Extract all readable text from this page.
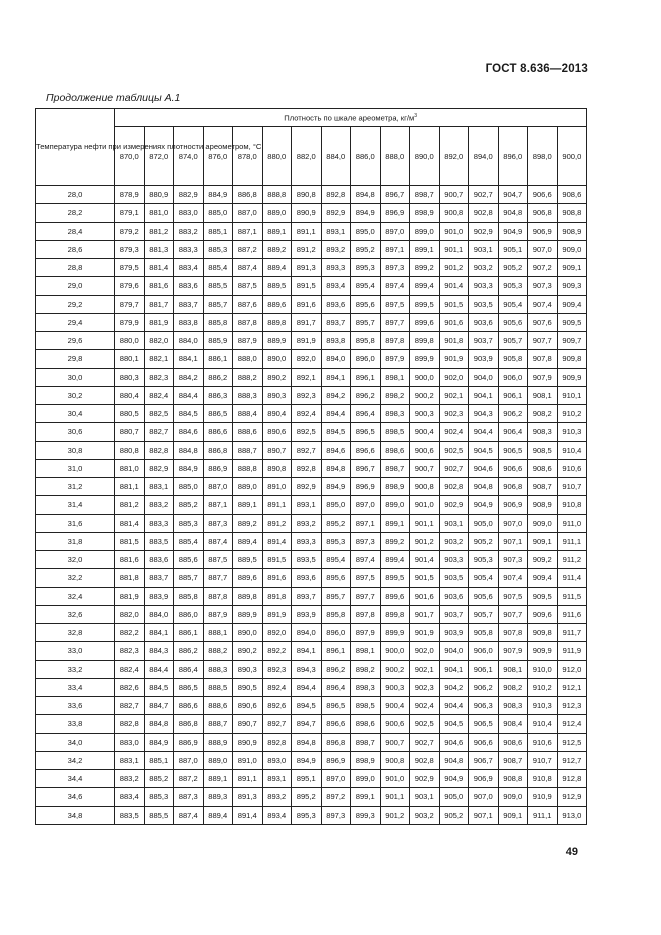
ГОСТ 8.636—2013
Продолжение таблицы А.1
Температура нефти при измерениях плотности ареометром, °C	Плотность по шкале ареометра, $кг/м^3$
	870,0	872,0	874,0	876,0	878,0	880,0	882,0	884,0	886,0	888,0	890,0	892,0	894,0	896,0	898,0	900,0
28,0	878,9	880,9	882,9	884,9	886,8	888,8	890,8	892,8	894,8	896,7	898,7	900,7	902,7	904,7	906,6	908,6
28,2	879,1	881,0	883,0	885,0	887,0	889,0	890,9	892,9	894,9	896,9	898,9	900,8	902,8	904,8	906,8	908,8
28,4	879,2	881,2	883,2	885,1	887,1	889,1	891,1	893,1	895,0	897,0	899,0	901,0	902,9	904,9	906,9	908,9
28,6	879,3	881,3	883,3	885,3	887,2	889,2	891,2	893,2	895,2	897,1	899,1	901,1	903,1	905,1	907,0	909,0
28,8	879,5	881,4	883,4	885,4	887,4	889,4	891,3	893,3	895,3	897,3	899,2	901,2	903,2	905,2	907,2	909,1
29,0	879,6	881,6	883,6	885,5	887,5	889,5	891,5	893,4	895,4	897,4	899,4	901,4	903,3	905,3	907,3	909,3
29,2	879,7	881,7	883,7	885,7	887,6	889,6	891,6	893,6	895,6	897,5	899,5	901,5	903,5	905,4	907,4	909,4
29,4	879,9	881,9	883,8	885,8	887,8	889,8	891,7	893,7	895,7	897,7	899,6	901,6	903,6	905,6	907,6	909,5
29,6	880,0	882,0	884,0	885,9	887,9	889,9	891,9	893,8	895,8	897,8	899,8	901,8	903,7	905,7	907,7	909,7
29,8	880,1	882,1	884,1	886,1	888,0	890,0	892,0	894,0	896,0	897,9	899,9	901,9	903,9	905,8	907,8	909,8
30,0	880,3	882,3	884,2	886,2	888,2	890,2	892,1	894,1	896,1	898,1	900,0	902,0	904,0	906,0	907,9	909,9
30,2	880,4	882,4	884,4	886,3	888,3	890,3	892,3	894,2	896,2	898,2	900,2	902,1	904,1	906,1	908,1	910,1
30,4	880,5	882,5	884,5	886,5	888,4	890,4	892,4	894,4	896,4	898,3	900,3	902,3	904,3	906,2	908,2	910,2
30,6	880,7	882,7	884,6	886,6	888,6	890,6	892,5	894,5	896,5	898,5	900,4	902,4	904,4	906,4	908,3	910,3
30,8	880,8	882,8	884,8	886,8	888,7	890,7	892,7	894,6	896,6	898,6	900,6	902,5	904,5	906,5	908,5	910,4
31,0	881,0	882,9	884,9	886,9	888,8	890,8	892,8	894,8	896,7	898,7	900,7	902,7	904,6	906,6	908,6	910,6
31,2	881,1	883,1	885,0	887,0	889,0	891,0	892,9	894,9	896,9	898,9	900,8	902,8	904,8	906,8	908,7	910,7
31,4	881,2	883,2	885,2	887,1	889,1	891,1	893,1	895,0	897,0	899,0	901,0	902,9	904,9	906,9	908,9	910,8
31,6	881,4	883,3	885,3	887,3	889,2	891,2	893,2	895,2	897,1	899,1	901,1	903,1	905,0	907,0	909,0	911,0
31,8	881,5	883,5	885,4	887,4	889,4	891,4	893,3	895,3	897,3	899,2	901,2	903,2	905,2	907,1	909,1	911,1
32,0	881,6	883,6	885,6	887,5	889,5	891,5	893,5	895,4	897,4	899,4	901,4	903,3	905,3	907,3	909,2	911,2
32,2	881,8	883,7	885,7	887,7	889,6	891,6	893,6	895,6	897,5	899,5	901,5	903,5	905,4	907,4	909,4	911,4
32,4	881,9	883,9	885,8	887,8	889,8	891,8	893,7	895,7	897,7	899,6	901,6	903,6	905,6	907,5	909,5	911,5
32,6	882,0	884,0	886,0	887,9	889,9	891,9	893,9	895,8	897,8	899,8	901,7	903,7	905,7	907,7	909,6	911,6
32,8	882,2	884,1	886,1	888,1	890,0	892,0	894,0	896,0	897,9	899,9	901,9	903,9	905,8	907,8	909,8	911,7
33,0	882,3	884,3	886,2	888,2	890,2	892,2	894,1	896,1	898,1	900,0	902,0	904,0	906,0	907,9	909,9	911,9
33,2	882,4	884,4	886,4	888,3	890,3	892,3	894,3	896,2	898,2	900,2	902,1	904,1	906,1	908,1	910,0	912,0
33,4	882,6	884,5	886,5	888,5	890,5	892,4	894,4	896,4	898,3	900,3	902,3	904,2	906,2	908,2	910,2	912,1
33,6	882,7	884,7	886,6	888,6	890,6	892,6	894,5	896,5	898,5	900,4	902,4	904,4	906,3	908,3	910,3	912,3
33,8	882,8	884,8	886,8	888,7	890,7	892,7	894,7	896,6	898,6	900,6	902,5	904,5	906,5	908,4	910,4	912,4
34,0	883,0	884,9	886,9	888,9	890,9	892,8	894,8	896,8	898,7	900,7	902,7	904,6	906,6	908,6	910,6	912,5
34,2	883,1	885,1	887,0	889,0	891,0	893,0	894,9	896,9	898,9	900,8	902,8	904,8	906,7	908,7	910,7	912,7
34,4	883,2	885,2	887,2	889,1	891,1	893,1	895,1	897,0	899,0	901,0	902,9	904,9	906,9	908,8	910,8	912,8
34,6	883,4	885,3	887,3	889,3	891,3	893,2	895,2	897,2	899,1	901,1	903,1	905,0	907,0	909,0	910,9	912,9
34,8	883,5	885,5	887,4	889,4	891,4	893,4	895,3	897,3	899,3	901,2	903,2	905,2	907,1	909,1	911,1	913,0
49
